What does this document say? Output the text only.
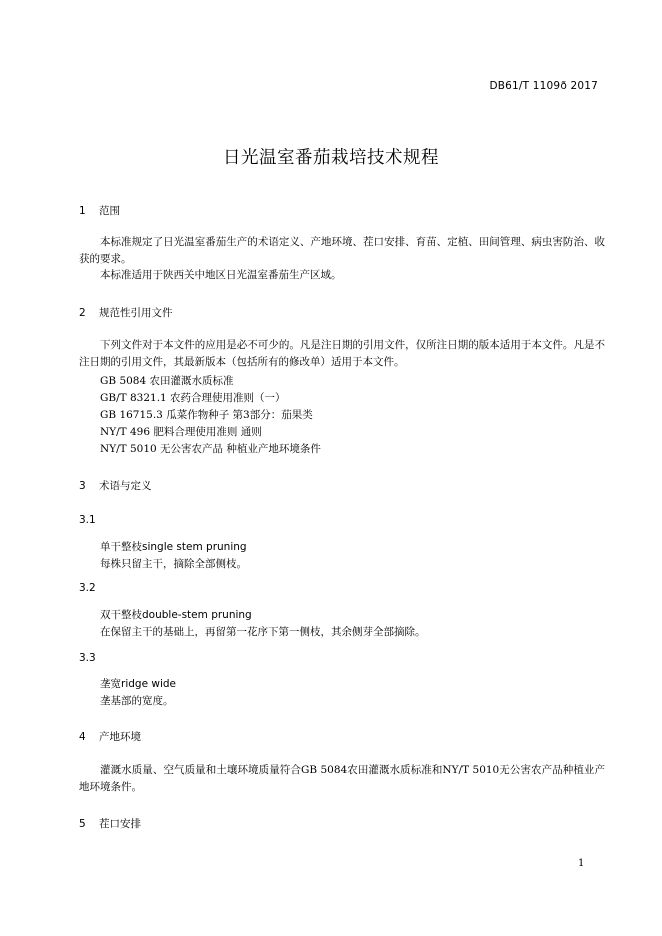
DB61/T 1109ð 2017
日光温室番茄栽培技术规程
1 范围
本标准规定了日光温室番茄生产的术语定义、产地环境、茬口安排、育苗、定植、田间管理、病虫害防治、收获的要求。
本标准适用于陕西关中地区日光温室番茄生产区域。
2 规范性引用文件
下列文件对于本文件的应用是必不可少的。凡是注日期的引用文件，仅所注日期的版本适用于本文件。凡是不注日期的引用文件，其最新版本（包括所有的修改单）适用于本文件。
GB 5084 农田灌溉水质标准
GB/T 8321.1 农药合理使用准则（一）
GB 16715.3 瓜菜作物种子 第3部分：茄果类
NY/T 496 肥料合理使用准则 通则
NY/T 5010 无公害农产品 种植业产地环境条件
3 术语与定义
3.1
单干整枝single stem pruning
每株只留主干，摘除全部侧枝。
3.2
双干整枝double-stem pruning
在保留主干的基础上，再留第一花序下第一侧枝，其余侧芽全部摘除。
3.3
垄宽ridge wide
垄基部的宽度。
4 产地环境
灌溉水质量、空气质量和土壤环境质量符合GB 5084农田灌溉水质标准和NY/T 5010无公害农产品种植业产地环境条件。
5 茬口安排
1
